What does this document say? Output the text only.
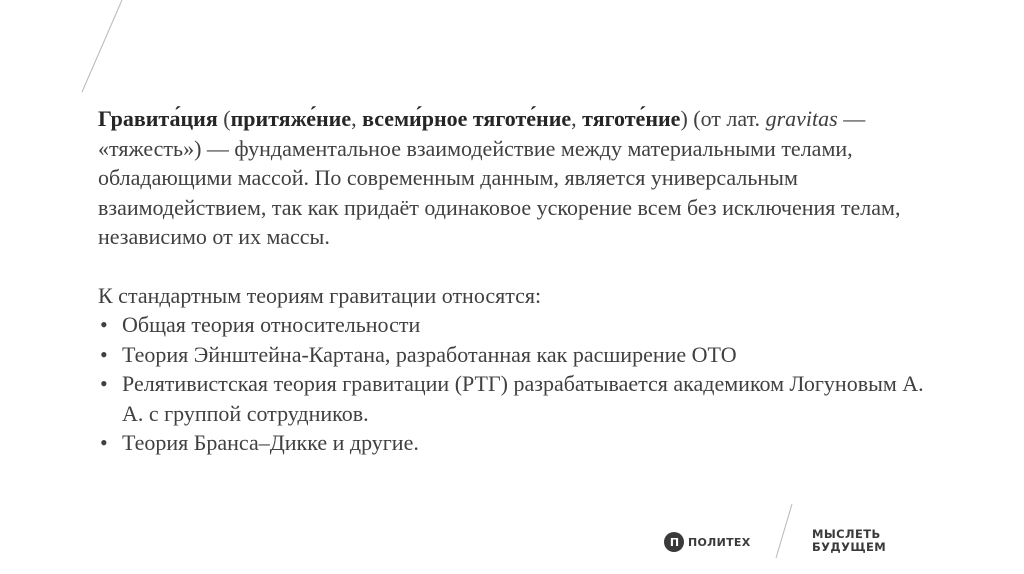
Гравита́ция (притяже́ние, всеми́рное тяготе́ние, тяготе́ние) (от лат. gravitas — «тяжесть») — фундаментальное взаимодействие между материальными телами, обладающими массой. По современным данным, является универсальным взаимодействием, так как придаёт одинаковое ускорение всем без исключения телам, независимо от их массы.

К стандартным теориям гравитации относятся:

• Общая теория относительности
• Теория Эйнштейна-Картана, разработанная как расширение ОТО
• Релятивистская теория гравитации (РТГ) разрабатывается академиком Логуновым А. А. с группой сотрудников.
• Теория Бранса–Дикке и другие.
П ПОЛИТЕХ
МЫСЛЕТЬ
БУДУЩЕМ
